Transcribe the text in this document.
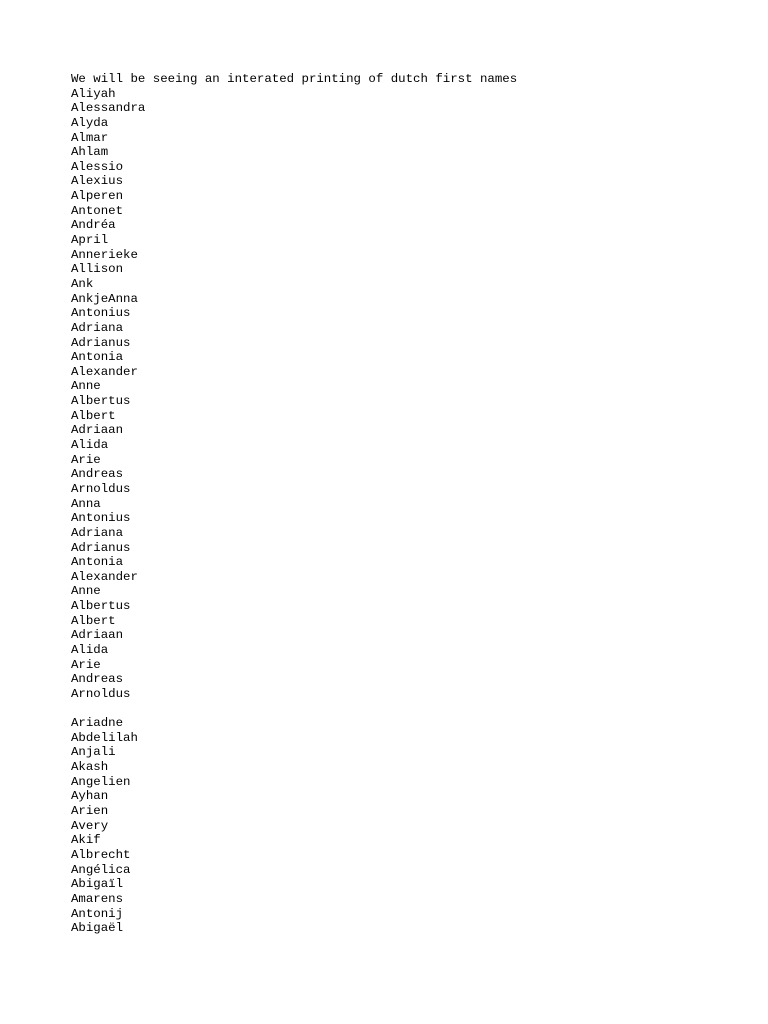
We will be seeing an interated printing of dutch first names
Aliyah
Alessandra
Alyda
Almar
Ahlam
Alessio
Alexius
Alperen
Antonet
Andréa
April
Annerieke
Allison
Ank
AnkjeAnna
Antonius
Adriana
Adrianus
Antonia
Alexander
Anne
Albertus
Albert
Adriaan
Alida
Arie
Andreas
Arnoldus
Anna
Antonius
Adriana
Adrianus
Antonia
Alexander
Anne
Albertus
Albert
Adriaan
Alida
Arie
Andreas
Arnoldus
Ariadne
Abdelilah
Anjali
Akash
Angelien
Ayhan
Arien
Avery
Akif
Albrecht
Angélica
Abigaïl
Amarens
Antonij
Abigaël
